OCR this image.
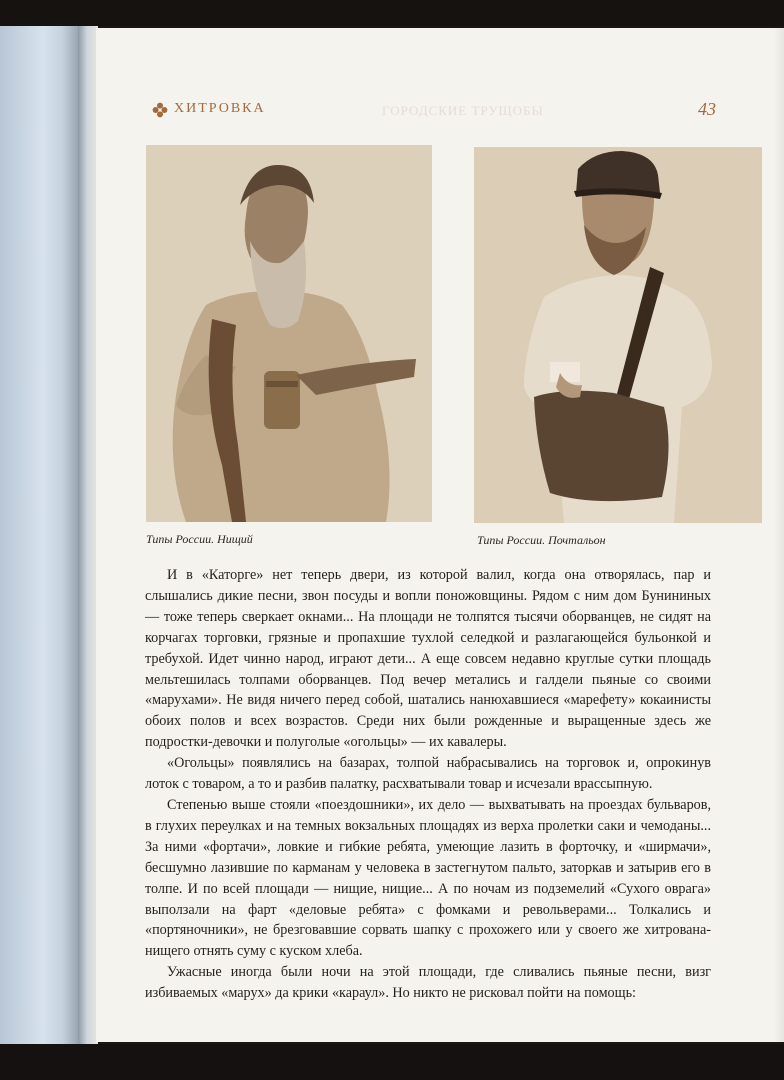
ХИТРОВКА	ГОРОДСКИЕ ТРУЩОБЫ	43
Типы России. Нищий	Типы России. Почтальон

И в «Каторге» нет теперь двери, из которой валил, когда она отворялась, пар и слышались дикие песни, звон посуды и вопли поножовщины. Рядом с ним дом Бунининых — тоже теперь сверкает окнами... На площади не толпятся тысячи оборванцев, не сидят на корчагах торговки, грязные и пропахшие тухлой селедкой и разлагающейся бульонкой и требухой. Идет чинно народ, играют дети... А еще совсем недавно круглые сутки площадь мельтешилась толпами оборванцев. Под вечер метались и галдели пьяные со своими «марухами». Не видя ничего перед собой, шатались нанюхавшиеся «марефету» кокаинисты обоих полов и всех возрастов. Среди них были рожденные и выращенные здесь же подростки-девочки и полуголые «огольцы» — их кавалеры.

«Огольцы» появлялись на базарах, толпой набрасывались на торговок и, опрокинув лоток с товаром, а то и разбив палатку, расхватывали товар и исчезали врассыпную.

Степенью выше стояли «поездошники», их дело — выхватывать на проездах бульваров, в глухих переулках и на темных вокзальных площадях из верха пролетки саки и чемоданы... За ними «фортачи», ловкие и гибкие ребята, умеющие лазить в форточку, и «ширмачи», бесшумно лазившие по карманам у человека в застегнутом пальто, заторкав и затырив его в толпе. И по всей площади — нищие, нищие... А по ночам из подземелий «Сухого оврага» выползали на фарт «деловые ребята» с фомками и револьверами... Толкались и «портяночники», не брезговавшие сорвать шапку с прохожего или у своего же хитрована-нищего отнять суму с куском хлеба.

Ужасные иногда были ночи на этой площади, где сливались пьяные песни, визг избиваемых «марух» да крики «караул». Но никто не рисковал пойти на помощь:
